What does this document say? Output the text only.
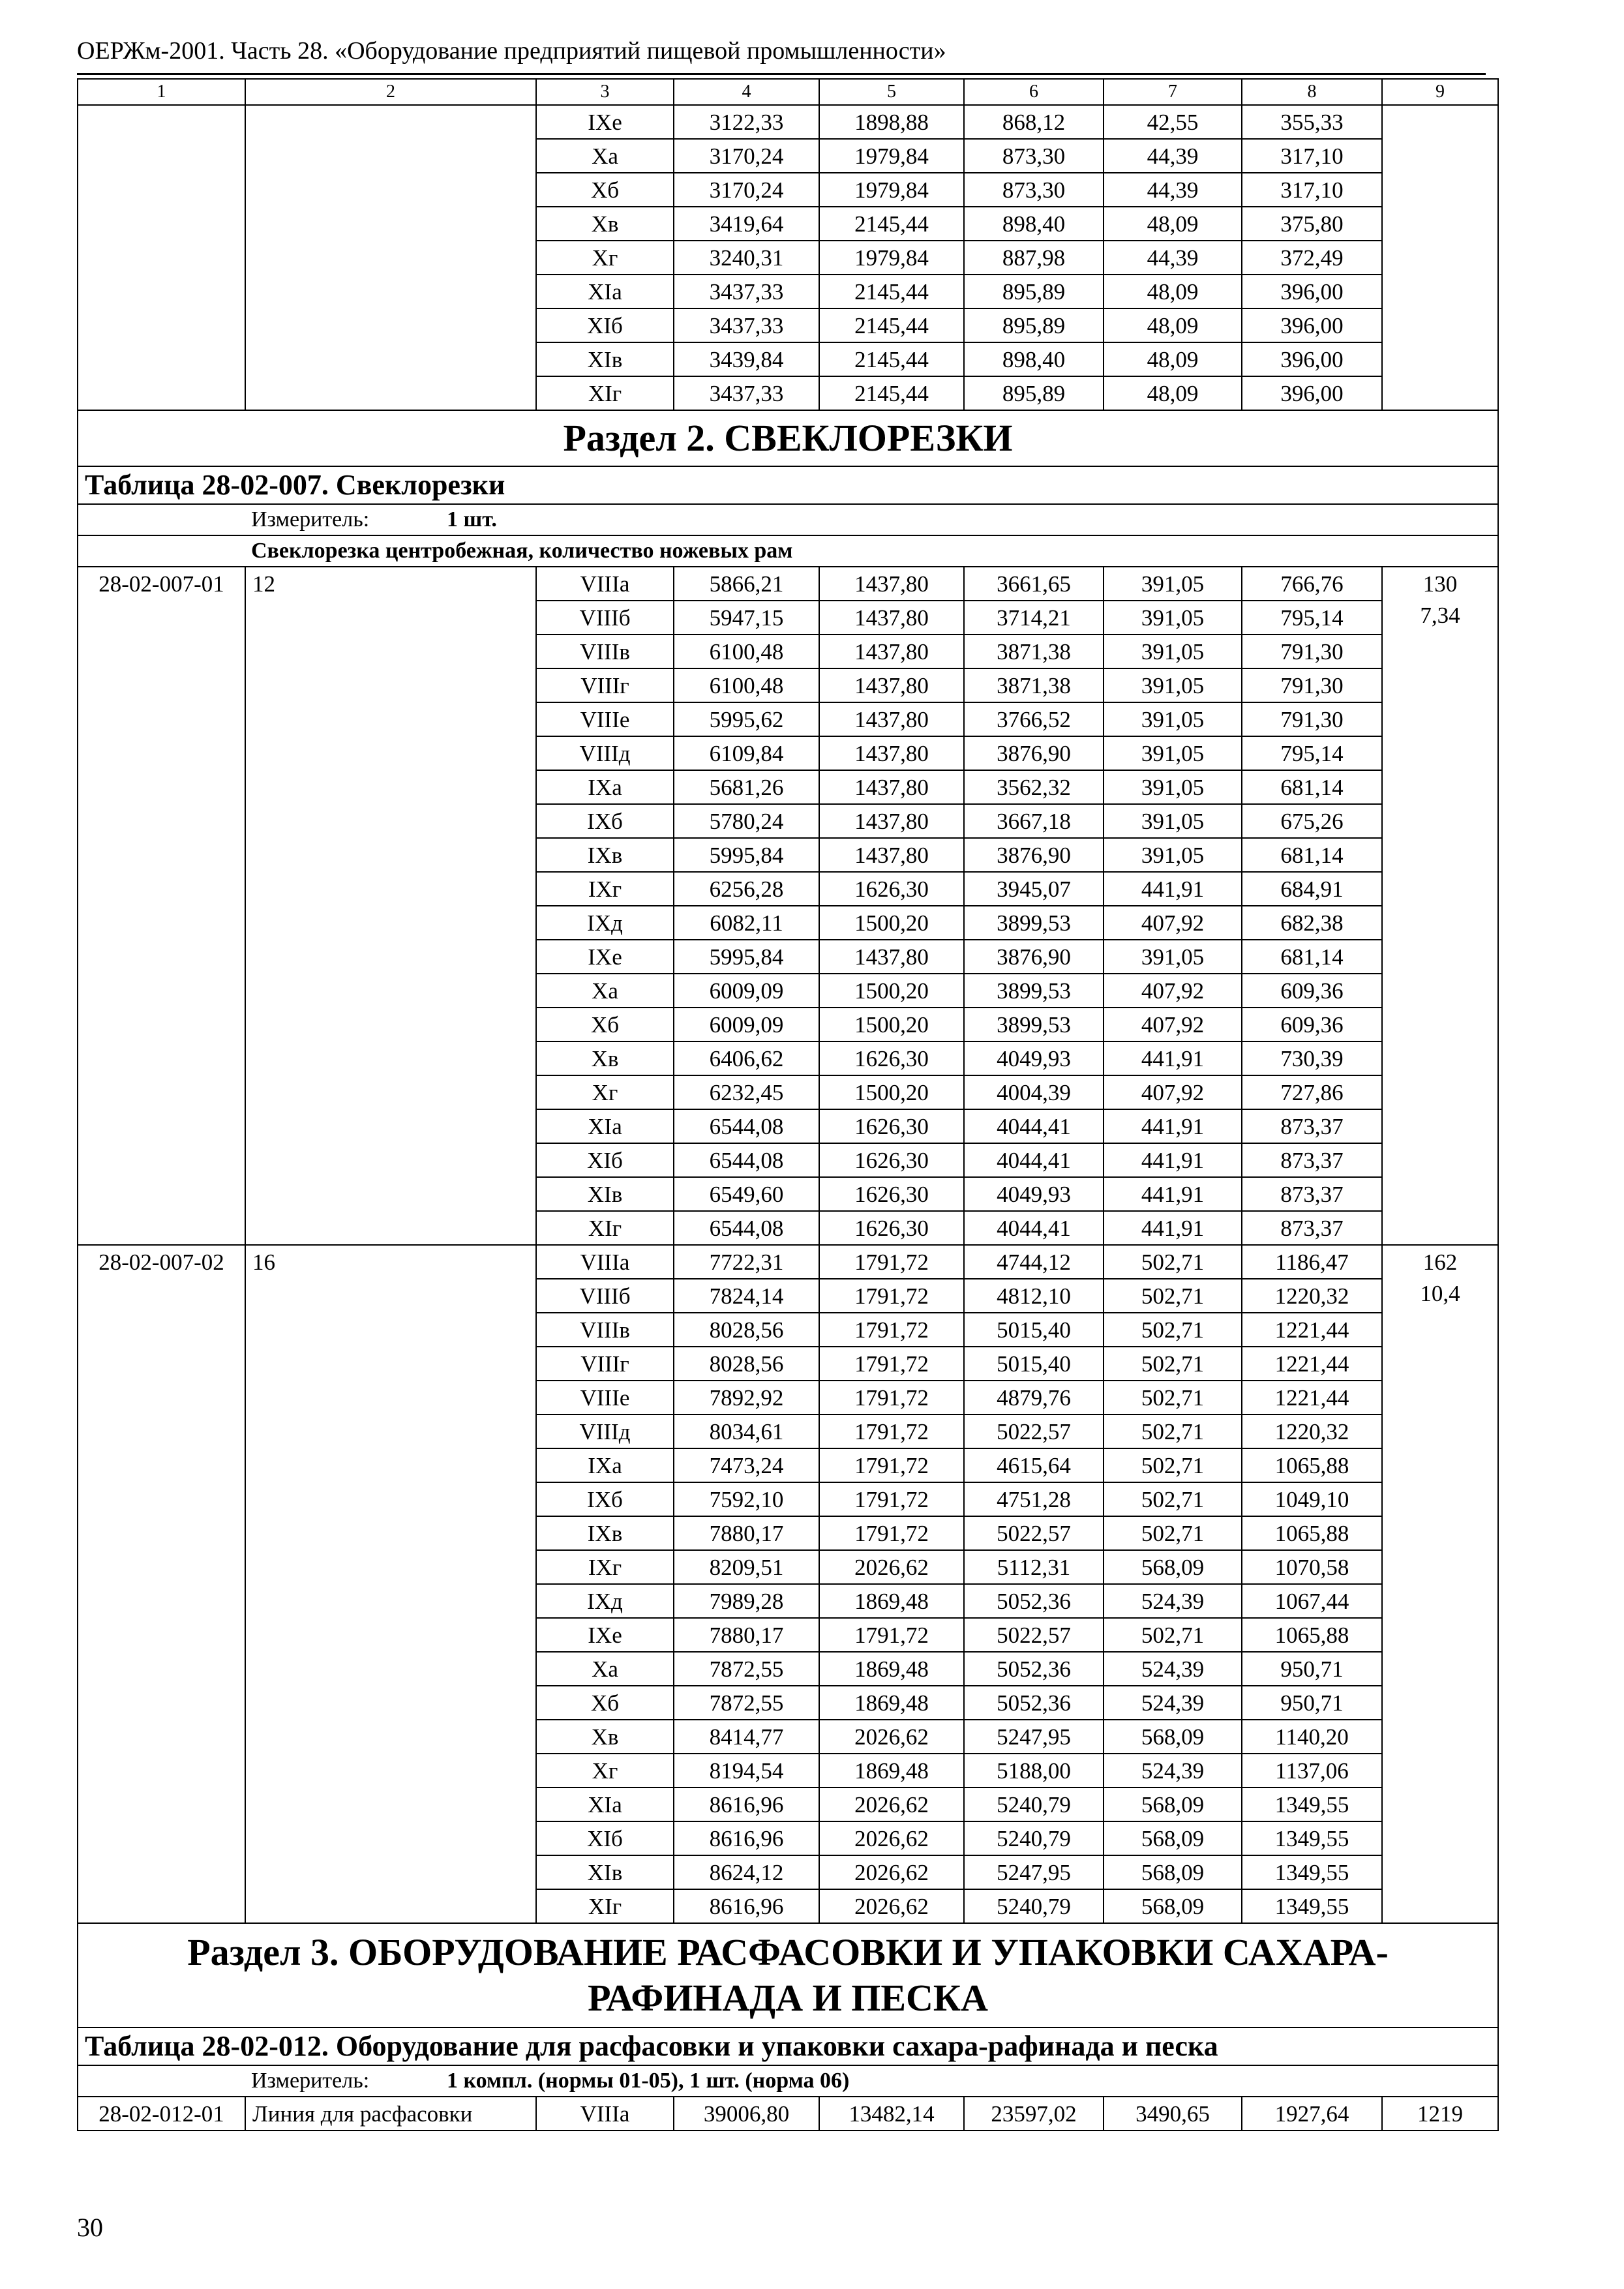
ОЕРЖм-2001. Часть 28. «Оборудование предприятий пищевой промышленности»
1	2	3	4	5	6	7	8	9
		IXе	3122,33	1898,88	868,12	42,55	355,33	
		Xа	3170,24	1979,84	873,30	44,39	317,10	
		Xб	3170,24	1979,84	873,30	44,39	317,10	
		Xв	3419,64	2145,44	898,40	48,09	375,80	
		Xг	3240,31	1979,84	887,98	44,39	372,49	
		XIа	3437,33	2145,44	895,89	48,09	396,00	
		XIб	3437,33	2145,44	895,89	48,09	396,00	
		XIв	3439,84	2145,44	898,40	48,09	396,00	
		XIг	3437,33	2145,44	895,89	48,09	396,00	
Раздел 2. СВЕКЛОРЕЗКИ								
Таблица 28-02-007. Свеклорезки								
Измеритель: 1 шт.								
Свеклорезка центробежная, количество ножевых рам								
28-02-007-01	12	VIIIа	5866,21	1437,80	3661,65	391,05	766,76	130
7,34

		VIIIб	5947,15	1437,80	3714,21	391,05	795,14	
		VIIIв	6100,48	1437,80	3871,38	391,05	791,30	
		VIIIг	6100,48	1437,80	3871,38	391,05	791,30	
		VIIIе	5995,62	1437,80	3766,52	391,05	791,30	
		VIIIд	6109,84	1437,80	3876,90	391,05	795,14	
		IXа	5681,26	1437,80	3562,32	391,05	681,14	
		IXб	5780,24	1437,80	3667,18	391,05	675,26	
		IXв	5995,84	1437,80	3876,90	391,05	681,14	
		IXг	6256,28	1626,30	3945,07	441,91	684,91	
		IXд	6082,11	1500,20	3899,53	407,92	682,38	
		IXе	5995,84	1437,80	3876,90	391,05	681,14	
		Xа	6009,09	1500,20	3899,53	407,92	609,36	
		Xб	6009,09	1500,20	3899,53	407,92	609,36	
		Xв	6406,62	1626,30	4049,93	441,91	730,39	
		Xг	6232,45	1500,20	4004,39	407,92	727,86	
		XIа	6544,08	1626,30	4044,41	441,91	873,37	
		XIб	6544,08	1626,30	4044,41	441,91	873,37	
		XIв	6549,60	1626,30	4049,93	441,91	873,37	
		XIг	6544,08	1626,30	4044,41	441,91	873,37	
28-02-007-02	16	VIIIа	7722,31	1791,72	4744,12	502,71	1186,47	162
10,4

		VIIIб	7824,14	1791,72	4812,10	502,71	1220,32	
		VIIIв	8028,56	1791,72	5015,40	502,71	1221,44	
		VIIIг	8028,56	1791,72	5015,40	502,71	1221,44	
		VIIIе	7892,92	1791,72	4879,76	502,71	1221,44	
		VIIIд	8034,61	1791,72	5022,57	502,71	1220,32	
		IXа	7473,24	1791,72	4615,64	502,71	1065,88	
		IXб	7592,10	1791,72	4751,28	502,71	1049,10	
		IXв	7880,17	1791,72	5022,57	502,71	1065,88	
		IXг	8209,51	2026,62	5112,31	568,09	1070,58	
		IXд	7989,28	1869,48	5052,36	524,39	1067,44	
		IXе	7880,17	1791,72	5022,57	502,71	1065,88	
		Xа	7872,55	1869,48	5052,36	524,39	950,71	
		Xб	7872,55	1869,48	5052,36	524,39	950,71	
		Xв	8414,77	2026,62	5247,95	568,09	1140,20	
		Xг	8194,54	1869,48	5188,00	524,39	1137,06	
		XIа	8616,96	2026,62	5240,79	568,09	1349,55	
		XIб	8616,96	2026,62	5240,79	568,09	1349,55	
		XIв	8624,12	2026,62	5247,95	568,09	1349,55	
		XIг	8616,96	2026,62	5240,79	568,09	1349,55	
Раздел 3. ОБОРУДОВАНИЕ РАСФАСОВКИ И УПАКОВКИ САХАРА-РАФИНАДА И ПЕСКА								
Таблица 28-02-012. Оборудование для расфасовки и упаковки сахара-рафинада и песка								
Измеритель: 1 компл. (нормы 01-05), 1 шт. (норма 06)								
28-02-012-01	Линия для расфасовки	VIIIа	39006,80	13482,14	23597,02	3490,65	1927,64	1219
30
